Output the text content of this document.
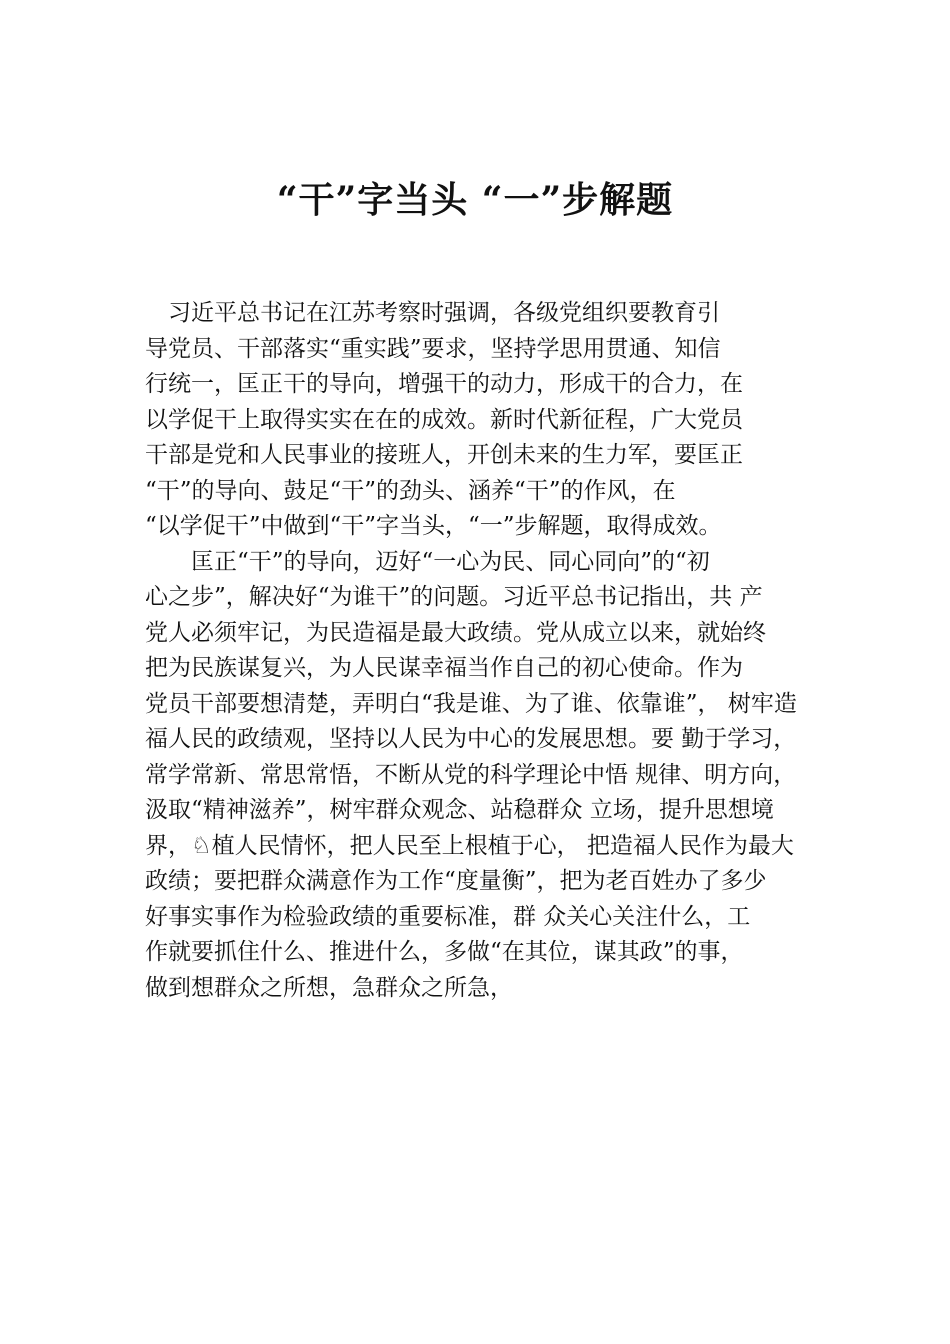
“干”字当头 “一”步解题
　习近平总书记在江苏考察时强调，各级党组织要教育引
导党员、干部落实“重实践”要求，坚持学思用贯通、知信
行统一，匡正干的导向，增强干的动力，形成干的合力，在
以学促干上取得实实在在的成效。新时代新征程，广大党员
干部是党和人民事业的接班人，开创未来的生力军，要匡正
“干”的导向、鼓足“干”的劲头、涵养“干”的作风，在
“以学促干”中做到“干”字当头，“一”步解题，取得成效。
　　匡正“干”的导向，迈好“一心为民、同心同向”的“初
心之步”，解决好“为谁干”的问题。习近平总书记指出，共 产
党人必须牢记，为民造福是最大政绩。党从成立以来，就始终
把为民族谋复兴，为人民谋幸福当作自己的初心使命。作为
党员干部要想清楚，弄明白“我是谁、为了谁、依靠谁”， 树牢造
福人民的政绩观，坚持以人民为中心的发展思想。要 勤于学习，
常学常新、常思常悟，不断从党的科学理论中悟 规律、明方向，
汲取“精神滋养”，树牢群众观念、站稳群众 立场，提升思想境
界，♘植人民情怀，把人民至上根植于心， 把造福人民作为最大
政绩；要把群众满意作为工作“度量衡”，把为老百姓办了多少
好事实事作为检验政绩的重要标准，群 众关心关注什么，工
作就要抓住什么、推进什么，多做“在其位，谋其政”的事，
做到想群众之所想，急群众之所急，
